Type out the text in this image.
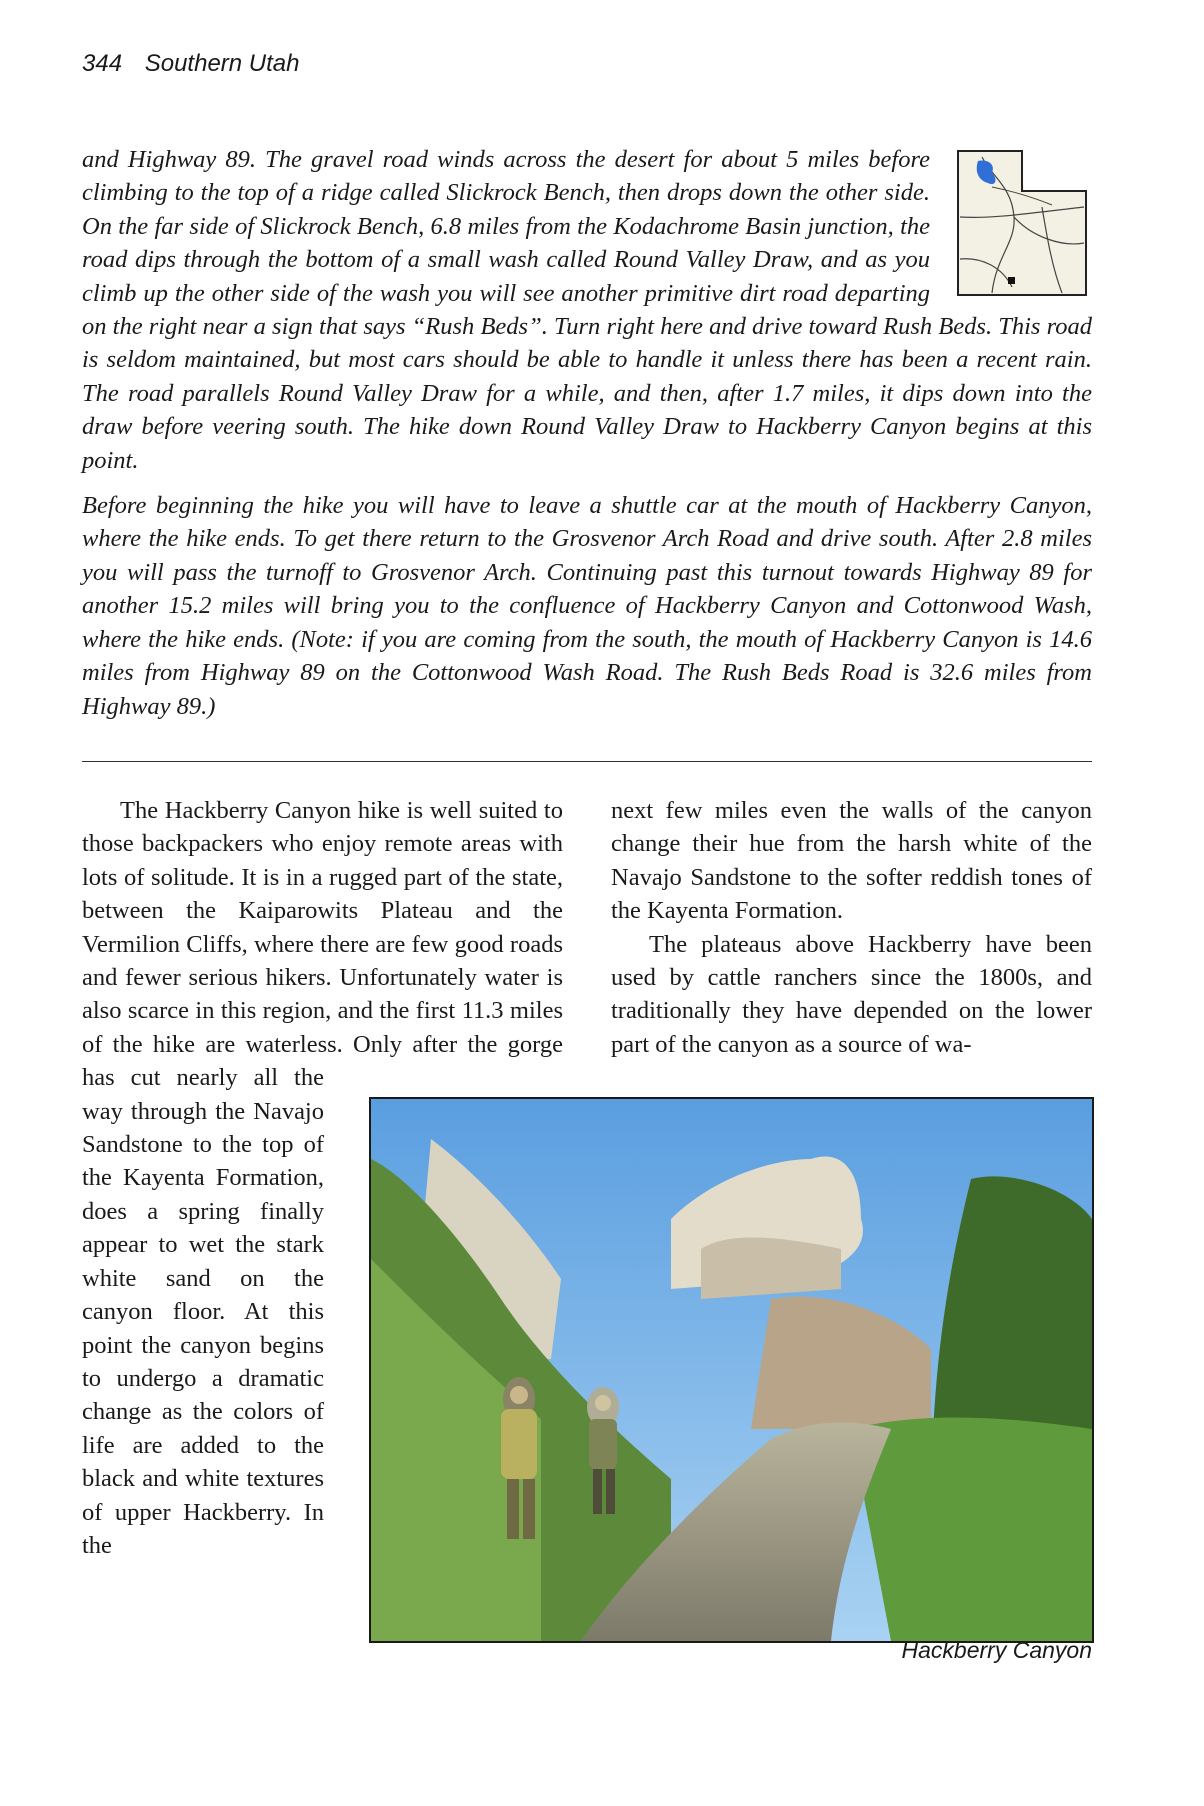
344 Southern Utah

and Highway 89. The gravel road winds across the desert for about 5 miles before climbing to the top of a ridge called Slickrock Bench, then drops down the other side. On the far side of Slickrock Bench, 6.8 miles from the Kodachrome Basin junction, the road dips through the bottom of a small wash called Round Valley Draw, and as you climb up the other side of the wash you will see another primitive dirt road departing on the right near a sign that says “Rush Beds”. Turn right here and drive toward Rush Beds. This road is seldom maintained, but most cars should be able to handle it unless there has been a recent rain. The road parallels Round Valley Draw for a while, and then, after 1.7 miles, it dips down into the draw before veering south. The hike down Round Valley Draw to Hackberry Canyon begins at this point.

Before beginning the hike you will have to leave a shuttle car at the mouth of Hackberry Canyon, where the hike ends. To get there return to the Grosvenor Arch Road and drive south. After 2.8 miles you will pass the turnoff to Grosvenor Arch. Continuing past this turnout towards Highway 89 for another 15.2 miles will bring you to the confluence of Hackberry Canyon and Cottonwood Wash, where the hike ends. (Note: if you are coming from the south, the mouth of Hackberry Canyon is 14.6 miles from Highway 89 on the Cottonwood Wash Road. The Rush Beds Road is 32.6 miles from Highway 89.)

The Hackberry Canyon hike is well suited to those backpackers who enjoy remote areas with lots of solitude. It is in a rugged part of the state, between the Kaiparowits Plateau and the Vermilion Cliffs, where there are few good roads and fewer serious hikers. Unfortunately water is also scarce in this region, and the first 11.3 miles of the hike are waterless. Only after the gorge has cut nearly all the way through the Navajo Sandstone to the top of the Kayenta Formation, does a spring finally appear to wet the stark white sand on the canyon floor. At this point the canyon begins to undergo a dramatic change as the colors of life are added to the black and white textures of upper Hackberry. In the

next few miles even the walls of the canyon change their hue from the harsh white of the Navajo Sandstone to the softer reddish tones of the Kayenta Formation.

The plateaus above Hackberry have been used by cattle ranchers since the 1800s, and traditionally they have depended on the lower part of the canyon as a source of wa-

Hackberry Canyon
